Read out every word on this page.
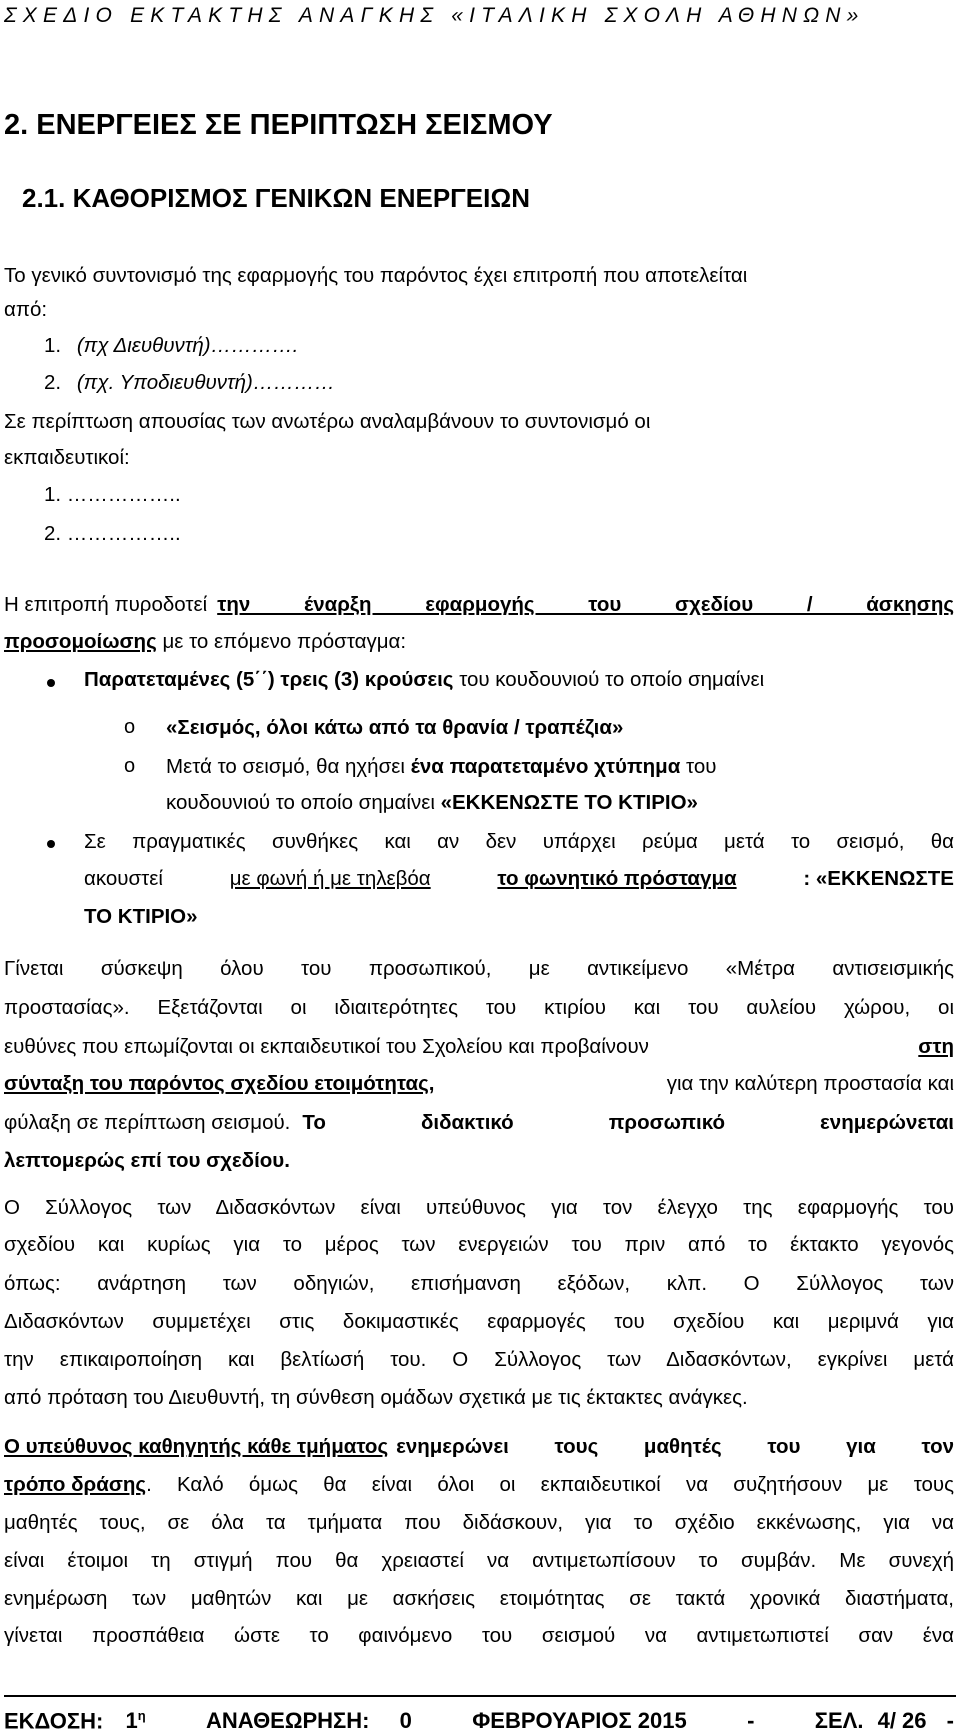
ΣΧΕΔΙΟ ΕΚΤΑΚΤΗΣ ΑΝΑΓΚΗΣ «ΙΤΑΛΙΚΗ ΣΧΟΛΗ ΑΘΗΝΩΝ»
2. ΕΝΕΡΓΕΙΕΣ ΣΕ ΠΕΡΙΠΤΩΣΗ ΣΕΙΣΜΟΥ
2.1. ΚΑΘΟΡΙΣΜΟΣ ΓΕΝΙΚΩΝ ΕΝΕΡΓΕΙΩΝ
Το γενικό συντονισμό της εφαρμογής του παρόντος έχει επιτροπή που αποτελείται
από:
1. (πχ Διευθυντή)………….
2. (πχ. Υποδιευθυντή)…………
Σε περίπτωση απουσίας των ανωτέρω αναλαμβάνουν το συντονισμό οι
εκπαιδευτικοί:
1. ……………..
2. ……………..
Η επιτροπή πυροδοτεί την έναρξη εφαρμογής του σχεδίου / άσκησης
προσομοίωσης με το επόμενο πρόσταγμα:
Παρατεταμένες (5΄΄) τρεις (3) κρούσεις του κουδουνιού το οποίο σημαίνει
o «Σεισμός, όλοι κάτω από τα θρανία / τραπέζια»
o Μετά το σεισμό, θα ηχήσει ένα παρατεταμένο χτύπημα του
κουδουνιού το οποίο σημαίνει «ΕΚΚΕΝΩΣΤΕ ΤΟ ΚΤΙΡΙΟ»
Σε πραγματικές συνθήκες και αν δεν υπάρχει ρεύμα μετά το σεισμό, θα
ακουστεί	με φωνή ή με τηλεβόα	το φωνητικό πρόσταγμα	: «ΕΚΚΕΝΩΣΤΕ
ΤΟ ΚΤΙΡΙΟ»
Γίνεται σύσκεψη όλου του προσωπικού, με αντικείμενο «Μέτρα αντισεισμικής
προστασίας». Εξετάζονται οι ιδιαιτερότητες του κτιρίου και του αυλείου χώρου, οι
ευθύνες που επωμίζονται οι εκπαιδευτικοί του Σχολείου και προβαίνουν	στη
σύνταξη του παρόντος σχεδίου ετοιμότητας,	για την καλύτερη προστασία και
φύλαξη σε περίπτωση σεισμού. Το διδακτικό προσωπικό ενημερώνεται
λεπτομερώς επί του σχεδίου.
Ο Σύλλογος των Διδασκόντων είναι υπεύθυνος για τον έλεγχο της εφαρμογής του
σχεδίου και κυρίως για το μέρος των ενεργειών του πριν από το έκτακτο γεγονός
όπως: ανάρτηση των οδηγιών, επισήμανση εξόδων, κλπ. Ο Σύλλογος των
Διδασκόντων συμμετέχει στις δοκιμαστικές εφαρμογές του σχεδίου και μεριμνά για
την επικαιροποίηση και βελτίωσή του. Ο Σύλλογος των Διδασκόντων, εγκρίνει μετά
από πρόταση του Διευθυντή, τη σύνθεση ομάδων σχετικά με τις έκτακτες ανάγκες.
Ο υπεύθυνος καθηγητής κάθε τμήματος ενημερώνει τους μαθητές του για τον
τρόπο δράσης . Καλό όμως θα είναι όλοι οι εκπαιδευτικοί να συζητήσουν με τους
μαθητές τους, σε όλα τα τμήματα που διδάσκουν, για το σχέδιο εκκένωσης, για να
είναι έτοιμοι τη στιγμή που θα χρειαστεί να αντιμετωπίσουν το συμβάν. Με συνεχή
ενημέρωση των μαθητών και με ασκήσεις ετοιμότητας σε τακτά χρονικά διαστήματα,
γίνεται προσπάθεια ώστε το φαινόμενο του σεισμού να αντιμετωπιστεί σαν ένα
ΕΚΔΟΣΗ: $1^\eta$	ΑΝΑΘΕΩΡΗΣΗ: 0	ΦΕΒΡΟΥΑΡΙΟΣ 2015	-	ΣΕΛ. 4/ 26 -
